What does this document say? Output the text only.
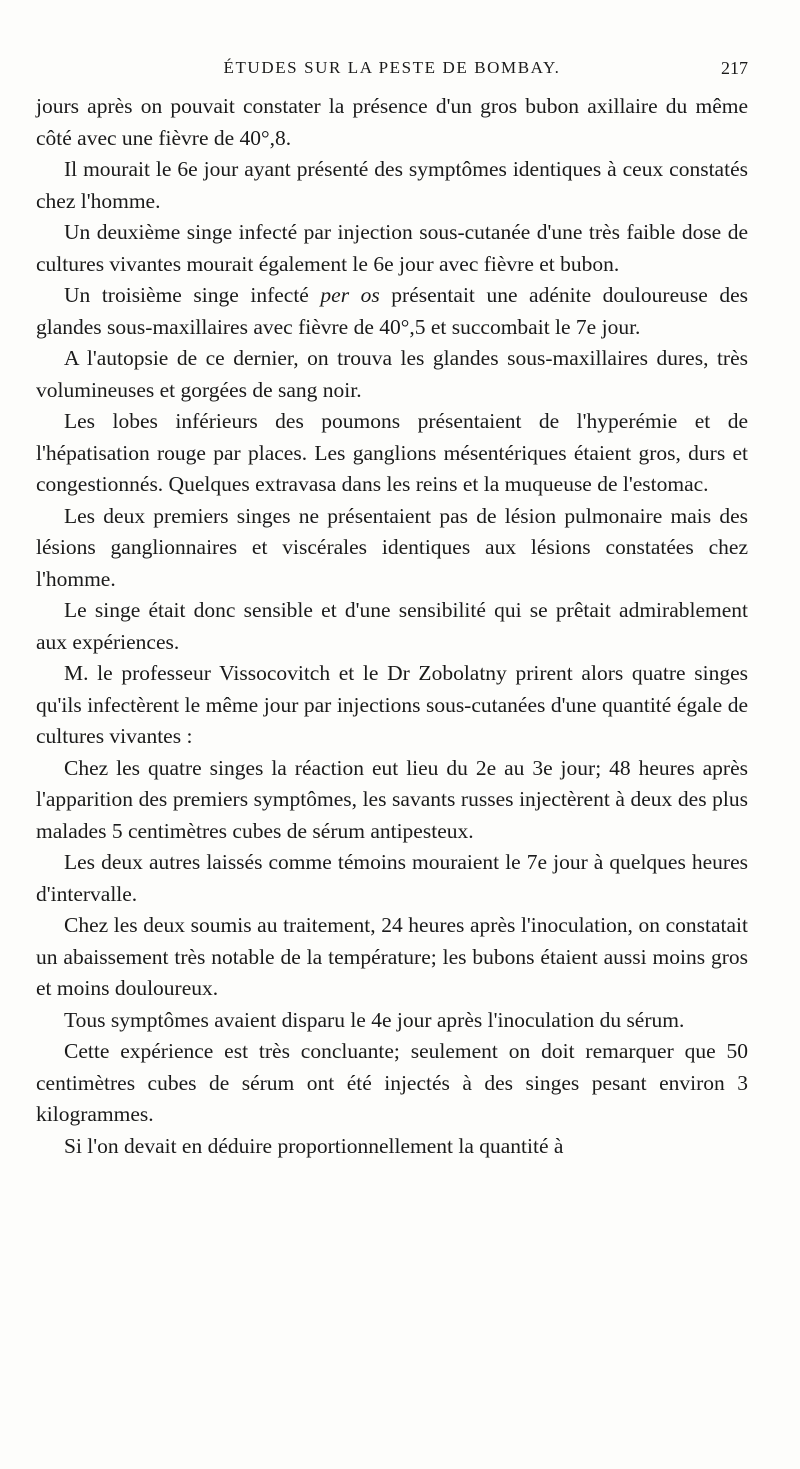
ÉTUDES SUR LA PESTE DE BOMBAY.	217

jours après on pouvait constater la présence d'un gros bubon axillaire du même côté avec une fièvre de 40°,8.

Il mourait le 6e jour ayant présenté des symptômes identiques à ceux constatés chez l'homme.

Un deuxième singe infecté par injection sous-cutanée d'une très faible dose de cultures vivantes mourait également le 6e jour avec fièvre et bubon.

Un troisième singe infecté per os présentait une adénite douloureuse des glandes sous-maxillaires avec fièvre de 40°,5 et succombait le 7e jour.

A l'autopsie de ce dernier, on trouva les glandes sous-maxillaires dures, très volumineuses et gorgées de sang noir.

Les lobes inférieurs des poumons présentaient de l'hyperémie et de l'hépatisation rouge par places. Les ganglions mésentériques étaient gros, durs et congestionnés. Quelques extravasa dans les reins et la muqueuse de l'estomac.

Les deux premiers singes ne présentaient pas de lésion pulmonaire mais des lésions ganglionnaires et viscérales identiques aux lésions constatées chez l'homme.

Le singe était donc sensible et d'une sensibilité qui se prêtait admirablement aux expériences.

M. le professeur Vissocovitch et le Dr Zobolatny prirent alors quatre singes qu'ils infectèrent le même jour par injections sous-cutanées d'une quantité égale de cultures vivantes :

Chez les quatre singes la réaction eut lieu du 2e au 3e jour; 48 heures après l'apparition des premiers symptômes, les savants russes injectèrent à deux des plus malades 5 centimètres cubes de sérum antipesteux.

Les deux autres laissés comme témoins mouraient le 7e jour à quelques heures d'intervalle.

Chez les deux soumis au traitement, 24 heures après l'inoculation, on constatait un abaissement très notable de la température; les bubons étaient aussi moins gros et moins douloureux.

Tous symptômes avaient disparu le 4e jour après l'inoculation du sérum.

Cette expérience est très concluante; seulement on doit remarquer que 50 centimètres cubes de sérum ont été injectés à des singes pesant environ 3 kilogrammes.

Si l'on devait en déduire proportionnellement la quantité à
